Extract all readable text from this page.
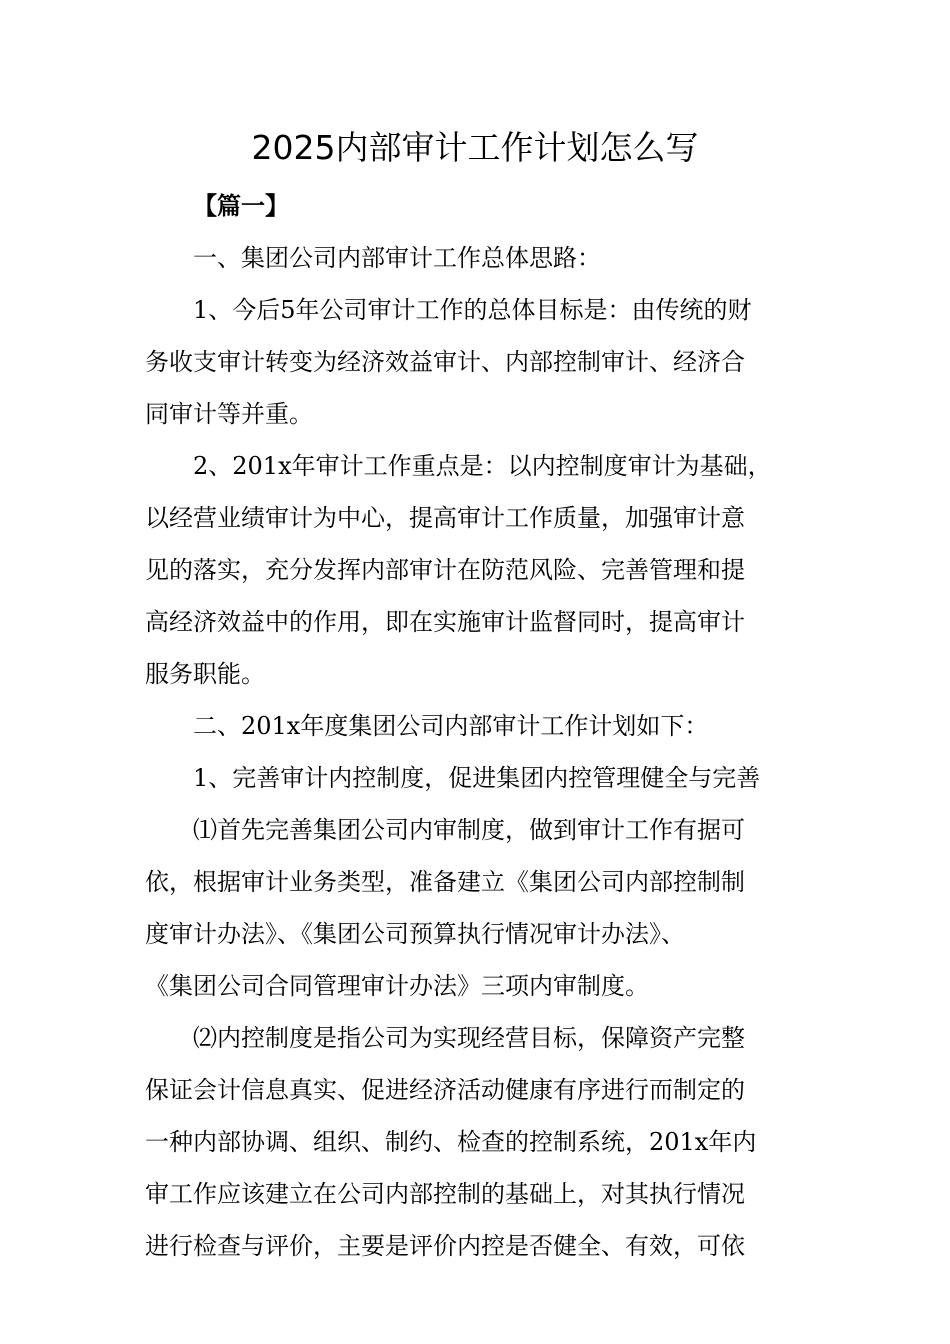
2025内部审计工作计划怎么写
【篇一】
一、集团公司内部审计工作总体思路：
1、今后5年公司审计工作的总体目标是：由传统的财
务收支审计转变为经济效益审计、内部控制审计、经济合
同审计等并重。
2、201x年审计工作重点是：以内控制度审计为基础，
以经营业绩审计为中心，提高审计工作质量，加强审计意
见的落实，充分发挥内部审计在防范风险、完善管理和提
高经济效益中的作用，即在实施审计监督同时，提高审计
服务职能。
二、201x年度集团公司内部审计工作计划如下：
1、完善审计内控制度，促进集团内控管理健全与完善
⑴首先完善集团公司内审制度，做到审计工作有据可
依，根据审计业务类型，准备建立《集团公司内部控制制
度审计办法》、《集团公司预算执行情况审计办法》、
《集团公司合同管理审计办法》三项内审制度。
⑵内控制度是指公司为实现经营目标，保障资产完整
保证会计信息真实、促进经济活动健康有序进行而制定的
一种内部协调、组织、制约、检查的控制系统，201x年内
审工作应该建立在公司内部控制的基础上，对其执行情况
进行检查与评价，主要是评价内控是否健全、有效，可依
